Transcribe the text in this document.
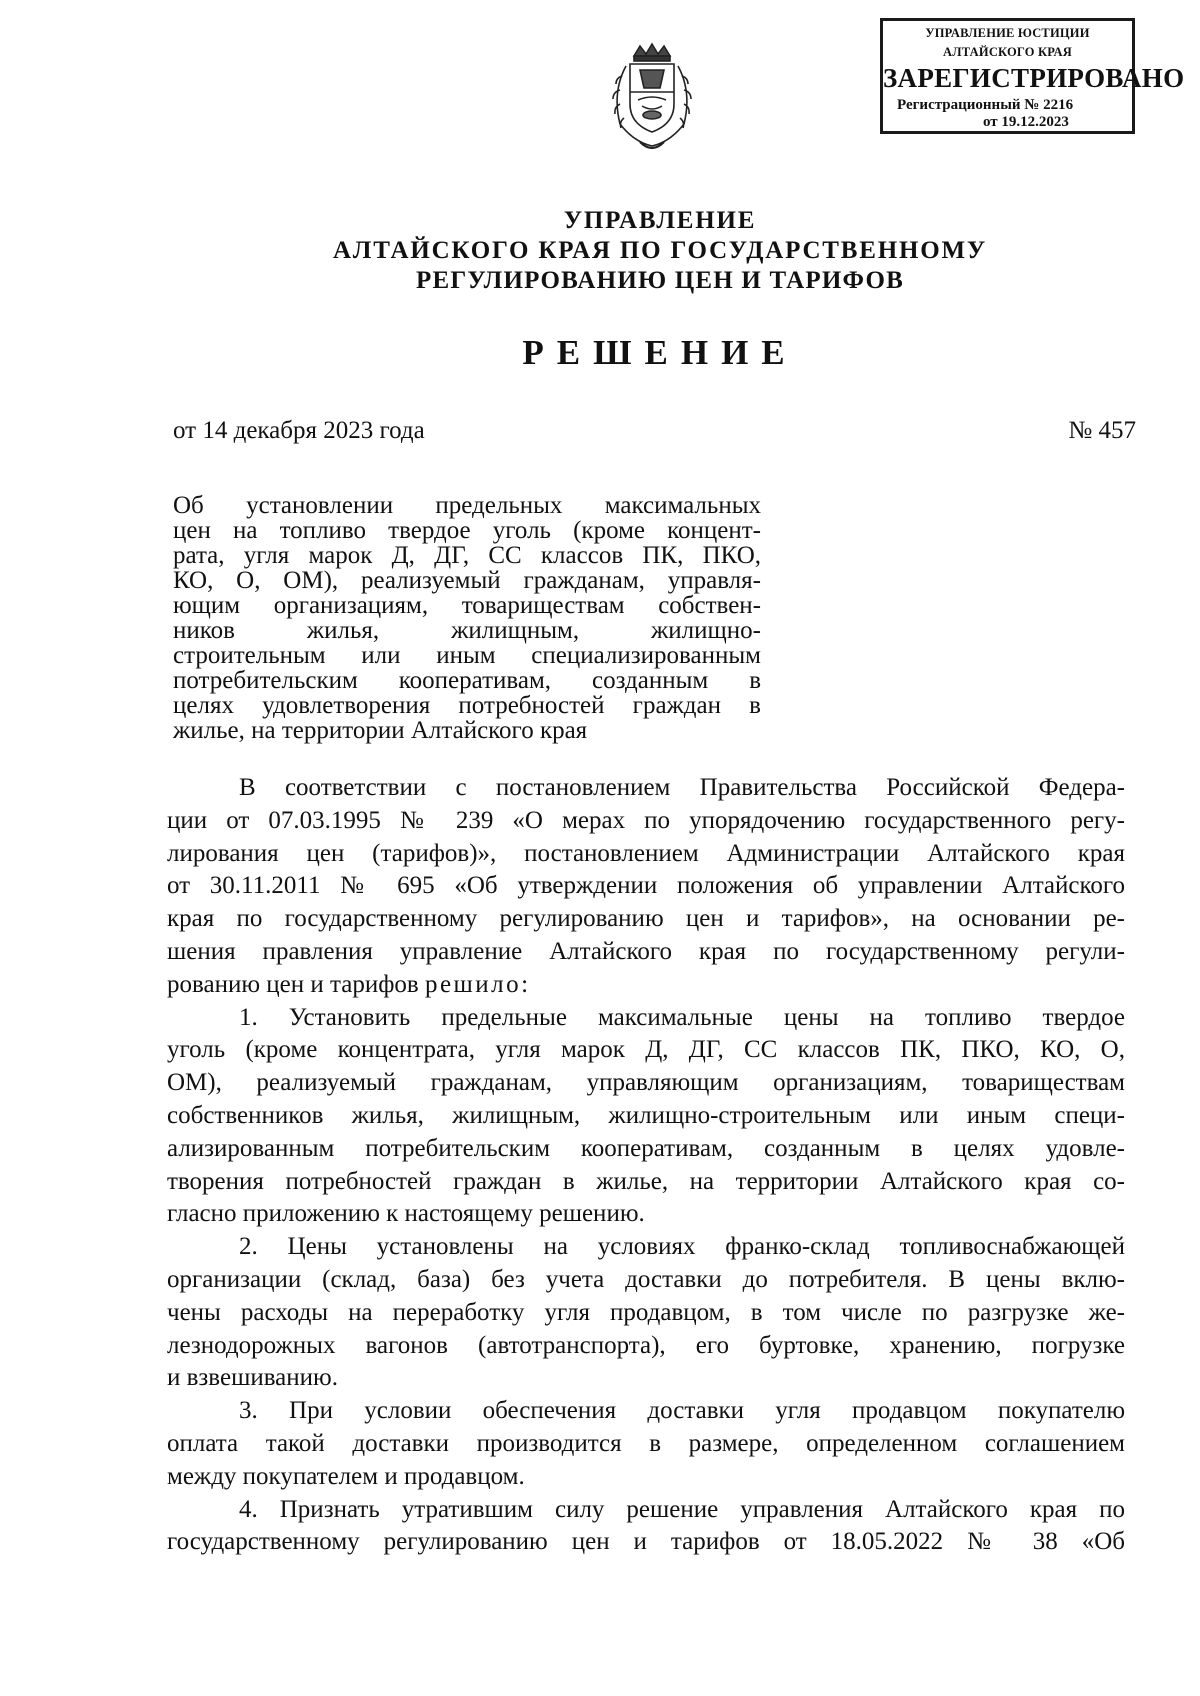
УПРАВЛЕНИЕ ЮСТИЦИИ
АЛТАЙСКОГО КРАЯ
ЗАРЕГИСТРИРОВАНО
Регистрационный № 2216
от 19.12.2023
УПРАВЛЕНИЕ
АЛТАЙСКОГО КРАЯ ПО ГОСУДАРСТВЕННОМУ
РЕГУЛИРОВАНИЮ ЦЕН И ТАРИФОВ
РЕШЕНИЕ
от 14 декабря 2023 года	№ 457
Об установлении предельных максимальных
цен на топливо твердое уголь (кроме концент-
рата, угля марок Д, ДГ, СС классов ПК, ПКО,
КО, О, ОМ), реализуемый гражданам, управля-
ющим организациям, товариществам собствен-
ников жилья, жилищным, жилищно-
строительным или иным специализированным
потребительским кооперативам, созданным в
целях удовлетворения потребностей граждан в
жилье, на территории Алтайского края
В соответствии с постановлением Правительства Российской Федера-
ции от 07.03.1995 № 239 «О мерах по упорядочению государственного регу-
лирования цен (тарифов)», постановлением Администрации Алтайского края
от 30.11.2011 № 695 «Об утверждении положения об управлении Алтайского
края по государственному регулированию цен и тарифов», на основании ре-
шения правления управление Алтайского края по государственному регули-
рованию цен и тарифов решило:
1. Установить предельные максимальные цены на топливо твердое
уголь (кроме концентрата, угля марок Д, ДГ, СС классов ПК, ПКО, КО, О,
ОМ), реализуемый гражданам, управляющим организациям, товариществам
собственников жилья, жилищным, жилищно-строительным или иным специ-
ализированным потребительским кооперативам, созданным в целях удовле-
творения потребностей граждан в жилье, на территории Алтайского края со-
гласно приложению к настоящему решению.
2. Цены установлены на условиях франко-склад топливоснабжающей
организации (склад, база) без учета доставки до потребителя. В цены вклю-
чены расходы на переработку угля продавцом, в том числе по разгрузке же-
лезнодорожных вагонов (автотранспорта), его буртовке, хранению, погрузке
и взвешиванию.
3. При условии обеспечения доставки угля продавцом покупателю
оплата такой доставки производится в размере, определенном соглашением
между покупателем и продавцом.
4. Признать утратившим силу решение управления Алтайского края по
государственному регулированию цен и тарифов от 18.05.2022 № 38 «Об
